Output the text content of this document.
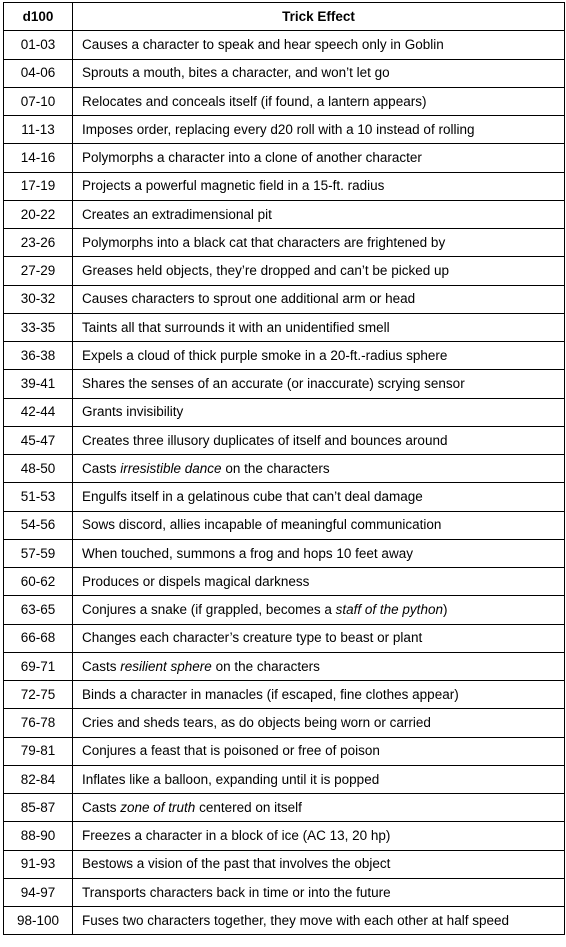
d100	Trick Effect
01-03	Causes a character to speak and hear speech only in Goblin
04-06	Sprouts a mouth, bites a character, and won’t let go
07-10	Relocates and conceals itself (if found, a lantern appears)
11-13	Imposes order, replacing every d20 roll with a 10 instead of rolling
14-16	Polymorphs a character into a clone of another character
17-19	Projects a powerful magnetic field in a 15-ft. radius
20-22	Creates an extradimensional pit
23-26	Polymorphs into a black cat that characters are frightened by
27-29	Greases held objects, they’re dropped and can’t be picked up
30-32	Causes characters to sprout one additional arm or head
33-35	Taints all that surrounds it with an unidentified smell
36-38	Expels a cloud of thick purple smoke in a 20-ft.-radius sphere
39-41	Shares the senses of an accurate (or inaccurate) scrying sensor
42-44	Grants invisibility
45-47	Creates three illusory duplicates of itself and bounces around
48-50	Casts irresistible dance on the characters
51-53	Engulfs itself in a gelatinous cube that can’t deal damage
54-56	Sows discord, allies incapable of meaningful communication
57-59	When touched, summons a frog and hops 10 feet away
60-62	Produces or dispels magical darkness
63-65	Conjures a snake (if grappled, becomes a staff of the python)
66-68	Changes each character’s creature type to beast or plant
69-71	Casts resilient sphere on the characters
72-75	Binds a character in manacles (if escaped, fine clothes appear)
76-78	Cries and sheds tears, as do objects being worn or carried
79-81	Conjures a feast that is poisoned or free of poison
82-84	Inflates like a balloon, expanding until it is popped
85-87	Casts zone of truth centered on itself
88-90	Freezes a character in a block of ice (AC 13, 20 hp)
91-93	Bestows a vision of the past that involves the object
94-97	Transports characters back in time or into the future
98-100	Fuses two characters together, they move with each other at half speed
